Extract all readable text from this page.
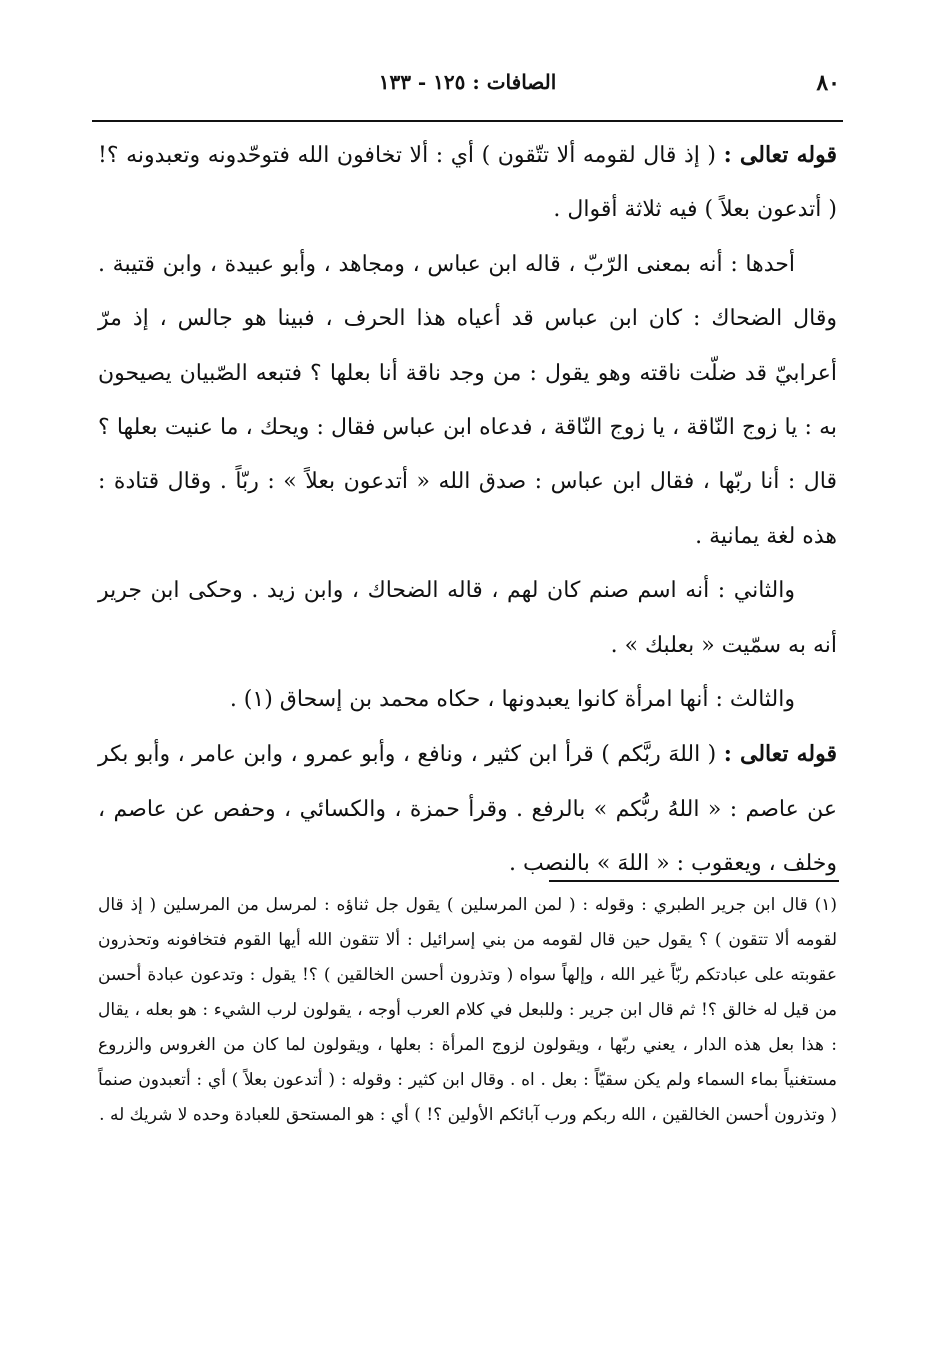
٨٠
الصافات : ١٢٥ - ١٣٣

قوله تعالى : ( إذ قال لقومه ألا تتّقون ) أي : ألا تخافون الله فتوحّدونه وتعبدونه ؟! ( أتدعون بعلاً ) فيه ثلاثة أقوال .

أحدها : أنه بمعنى الرّبّ ، قاله ابن عباس ، ومجاهد ، وأبو عبيدة ، وابن قتيبة . وقال الضحاك : كان ابن عباس قد أعياه هذا الحرف ، فبينا هو جالس ، إذ مرّ أعرابيّ قد ضلّت ناقته وهو يقول : من وجد ناقة أنا بعلها ؟ فتبعه الصّبيان يصيحون به : يا زوج النّاقة ، يا زوج النّاقة ، فدعاه ابن عباس فقال : ويحك ، ما عنيت بعلها ؟ قال : أنا ربّها ، فقال ابن عباس : صدق الله « أتدعون بعلاً » : ربّاً . وقال قتادة : هذه لغة يمانية .

والثاني : أنه اسم صنم كان لهم ، قاله الضحاك ، وابن زيد . وحكى ابن جرير أنه به سمّيت « بعلبك » .

والثالث : أنها امرأة كانوا يعبدونها ، حكاه محمد بن إسحاق (١) .

قوله تعالى : ( اللهَ ربَّكم ) قرأ ابن كثير ، ونافع ، وأبو عمرو ، وابن عامر ، وأبو بكر عن عاصم : « اللهُ ربُّكم » بالرفع . وقرأ حمزة ، والكسائي ، وحفص عن عاصم ، وخلف ، ويعقوب : « اللهَ » بالنصب .

(١) قال ابن جرير الطبري : وقوله : ( لمن المرسلين ) يقول جل ثناؤه : لمرسل من المرسلين ( إذ قال لقومه ألا تتقون ) ؟ يقول حين قال لقومه من بني إسرائيل : ألا تتقون الله أيها القوم فتخافونه وتحذرون عقوبته على عبادتكم ربّاً غير الله ، وإلهاً سواه ( وتذرون أحسن الخالقين ) ؟! يقول : وتدعون عبادة أحسن من قيل له خالق ؟! ثم قال ابن جرير : وللبعل في كلام العرب أوجه ، يقولون لرب الشيء : هو بعله ، يقال : هذا بعل هذه الدار ، يعني ربّها ، ويقولون لزوج المرأة : بعلها ، ويقولون لما كان من الغروس والزروع مستغنياً بماء السماء ولم يكن سقيّاً : بعل . اه . وقال ابن كثير : وقوله : ( أتدعون بعلاً ) أي : أتعبدون صنماً ( وتذرون أحسن الخالقين ، الله ربكم ورب آبائكم الأولين ؟! ) أي : هو المستحق للعبادة وحده لا شريك له .
